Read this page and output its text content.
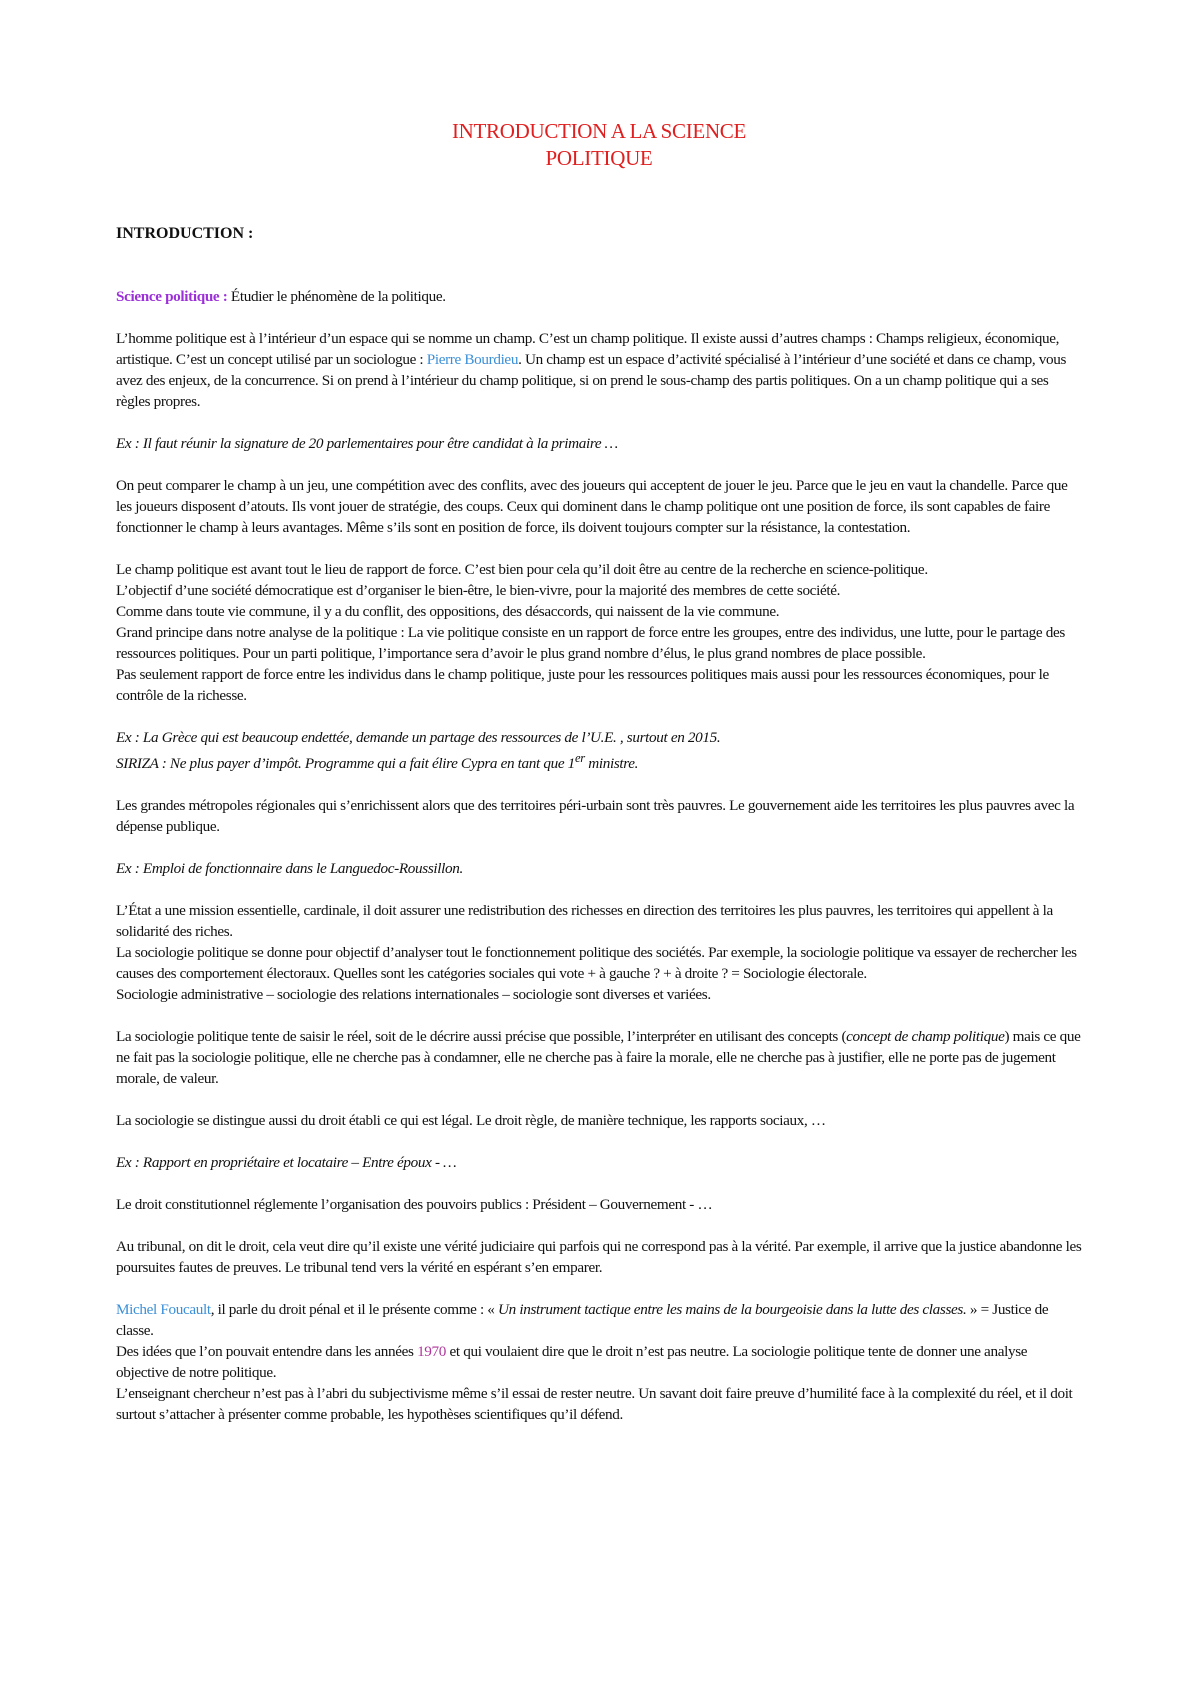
INTRODUCTION A LA SCIENCE
POLITIQUE
INTRODUCTION :

Science politique : Étudier le phénomène de la politique.

L’homme politique est à l’intérieur d’un espace qui se nomme un champ. C’est un champ politique. Il existe aussi d’autres champs : Champs religieux, économique, artistique. C’est un concept utilisé par un sociologue : Pierre Bourdieu. Un champ est un espace d’activité spécialisé à l’intérieur d’une société et dans ce champ, vous avez des enjeux, de la concurrence. Si on prend à l’intérieur du champ politique, si on prend le sous-champ des partis politiques. On a un champ politique qui a ses règles propres.

Ex : Il faut réunir la signature de 20 parlementaires pour être candidat à la primaire …

On peut comparer le champ à un jeu, une compétition avec des conflits, avec des joueurs qui acceptent de jouer le jeu. Parce que le jeu en vaut la chandelle. Parce que les joueurs disposent d’atouts. Ils vont jouer de stratégie, des coups. Ceux qui dominent dans le champ politique ont une position de force, ils sont capables de faire fonctionner le champ à leurs avantages. Même s’ils sont en position de force, ils doivent toujours compter sur la résistance, la contestation.

Le champ politique est avant tout le lieu de rapport de force. C’est bien pour cela qu’il doit être au centre de la recherche en science-politique.

L’objectif d’une société démocratique est d’organiser le bien-être, le bien-vivre, pour la majorité des membres de cette société.

Comme dans toute vie commune, il y a du conflit, des oppositions, des désaccords, qui naissent de la vie commune.

Grand principe dans notre analyse de la politique : La vie politique consiste en un rapport de force entre les groupes, entre des individus, une lutte, pour le partage des ressources politiques. Pour un parti politique, l’importance sera d’avoir le plus grand nombre d’élus, le plus grand nombres de place possible.

Pas seulement rapport de force entre les individus dans le champ politique, juste pour les ressources politiques mais aussi pour les ressources économiques, pour le contrôle de la richesse.

Ex : La Grèce qui est beaucoup endettée, demande un partage des ressources de l’U.E. , surtout en 2015.

SIRIZA : Ne plus payer d’impôt. Programme qui a fait élire Cypra en tant que 1er ministre.

Les grandes métropoles régionales qui s’enrichissent alors que des territoires péri-urbain sont très pauvres. Le gouvernement aide les territoires les plus pauvres avec la dépense publique.

Ex : Emploi de fonctionnaire dans le Languedoc-Roussillon.

L’État a une mission essentielle, cardinale, il doit assurer une redistribution des richesses en direction des territoires les plus pauvres, les territoires qui appellent à la solidarité des riches.

La sociologie politique se donne pour objectif d’analyser tout le fonctionnement politique des sociétés. Par exemple, la sociologie politique va essayer de rechercher les causes des comportement électoraux. Quelles sont les catégories sociales qui vote + à gauche ? + à droite ? = Sociologie électorale.

Sociologie administrative – sociologie des relations internationales – sociologie sont diverses et variées.

La sociologie politique tente de saisir le réel, soit de le décrire aussi précise que possible, l’interpréter en utilisant des concepts (concept de champ politique) mais ce que ne fait pas la sociologie politique, elle ne cherche pas à condamner, elle ne cherche pas à faire la morale, elle ne cherche pas à justifier, elle ne porte pas de jugement morale, de valeur.

La sociologie se distingue aussi du droit établi ce qui est légal. Le droit règle, de manière technique, les rapports sociaux, …

Ex : Rapport en propriétaire et locataire – Entre époux - …

Le droit constitutionnel réglemente l’organisation des pouvoirs publics : Président – Gouvernement - …

Au tribunal, on dit le droit, cela veut dire qu’il existe une vérité judiciaire qui parfois qui ne correspond pas à la vérité. Par exemple, il arrive que la justice abandonne les poursuites fautes de preuves. Le tribunal tend vers la vérité en espérant s’en emparer.

Michel Foucault, il parle du droit pénal et il le présente comme : « Un instrument tactique entre les mains de la bourgeoisie dans la lutte des classes. » = Justice de classe.

Des idées que l’on pouvait entendre dans les années 1970 et qui voulaient dire que le droit n’est pas neutre. La sociologie politique tente de donner une analyse objective de notre politique.

L’enseignant chercheur n’est pas à l’abri du subjectivisme même s’il essai de rester neutre. Un savant doit faire preuve d’humilité face à la complexité du réel, et il doit surtout s’attacher à présenter comme probable, les hypothèses scientifiques qu’il défend.
